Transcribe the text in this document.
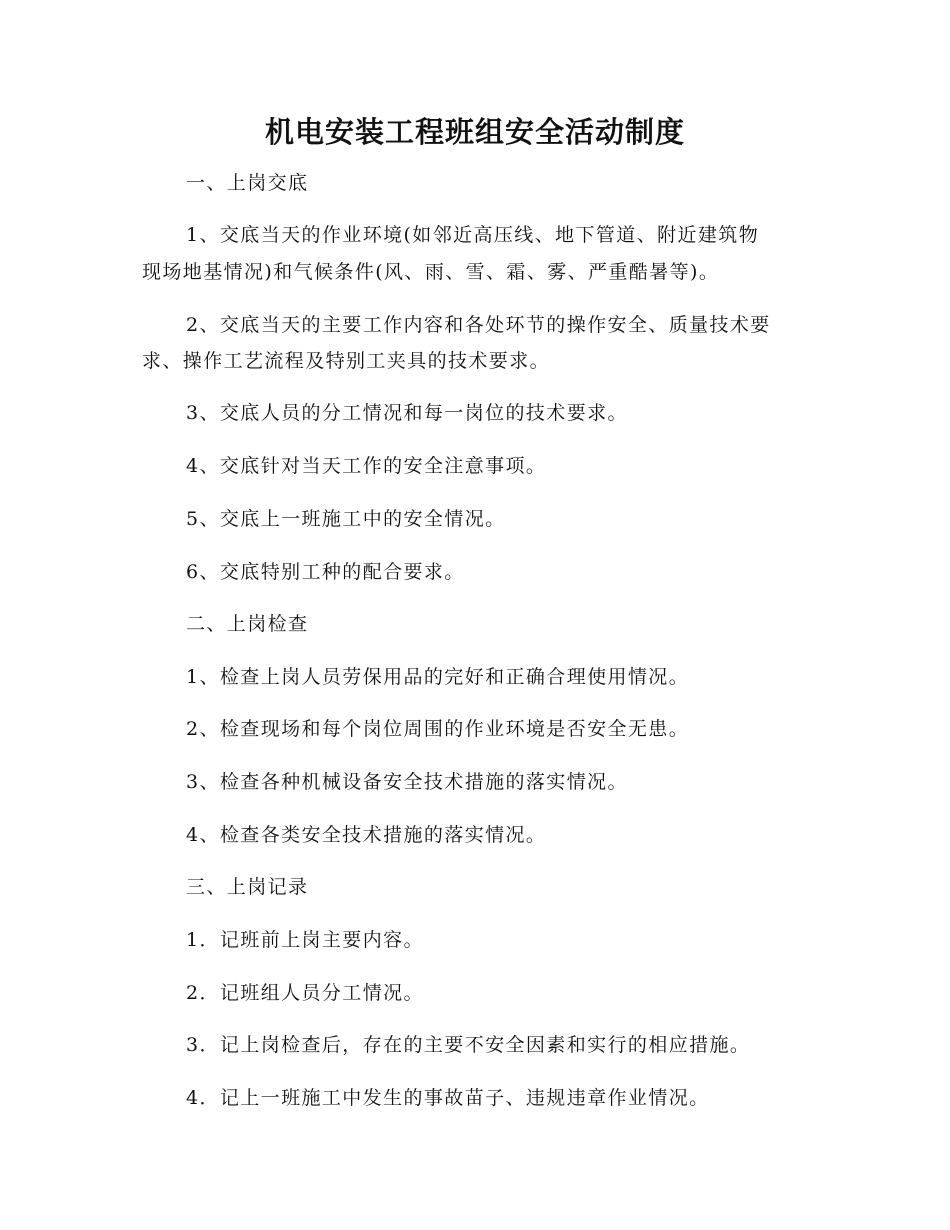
机电安装工程班组安全活动制度
一、上岗交底
1、交底当天的作业环境(如邻近高压线、地下管道、附近建筑物
现场地基情况)和气候条件(风、雨、雪、霜、雾、严重酷暑等)。
2、交底当天的主要工作内容和各处环节的操作安全、质量技术要
求、操作工艺流程及特别工夹具的技术要求。
3、交底人员的分工情况和每一岗位的技术要求。
4、交底针对当天工作的安全注意事项。
5、交底上一班施工中的安全情况。
6、交底特别工种的配合要求。
二、上岗检查
1、检查上岗人员劳保用品的完好和正确合理使用情况。
2、检查现场和每个岗位周围的作业环境是否安全无患。
3、检查各种机械设备安全技术措施的落实情况。
4、检查各类安全技术措施的落实情况。
三、上岗记录
1．记班前上岗主要内容。
2．记班组人员分工情况。
3．记上岗检查后，存在的主要不安全因素和实行的相应措施。
4．记上一班施工中发生的事故苗子、违规违章作业情况。
